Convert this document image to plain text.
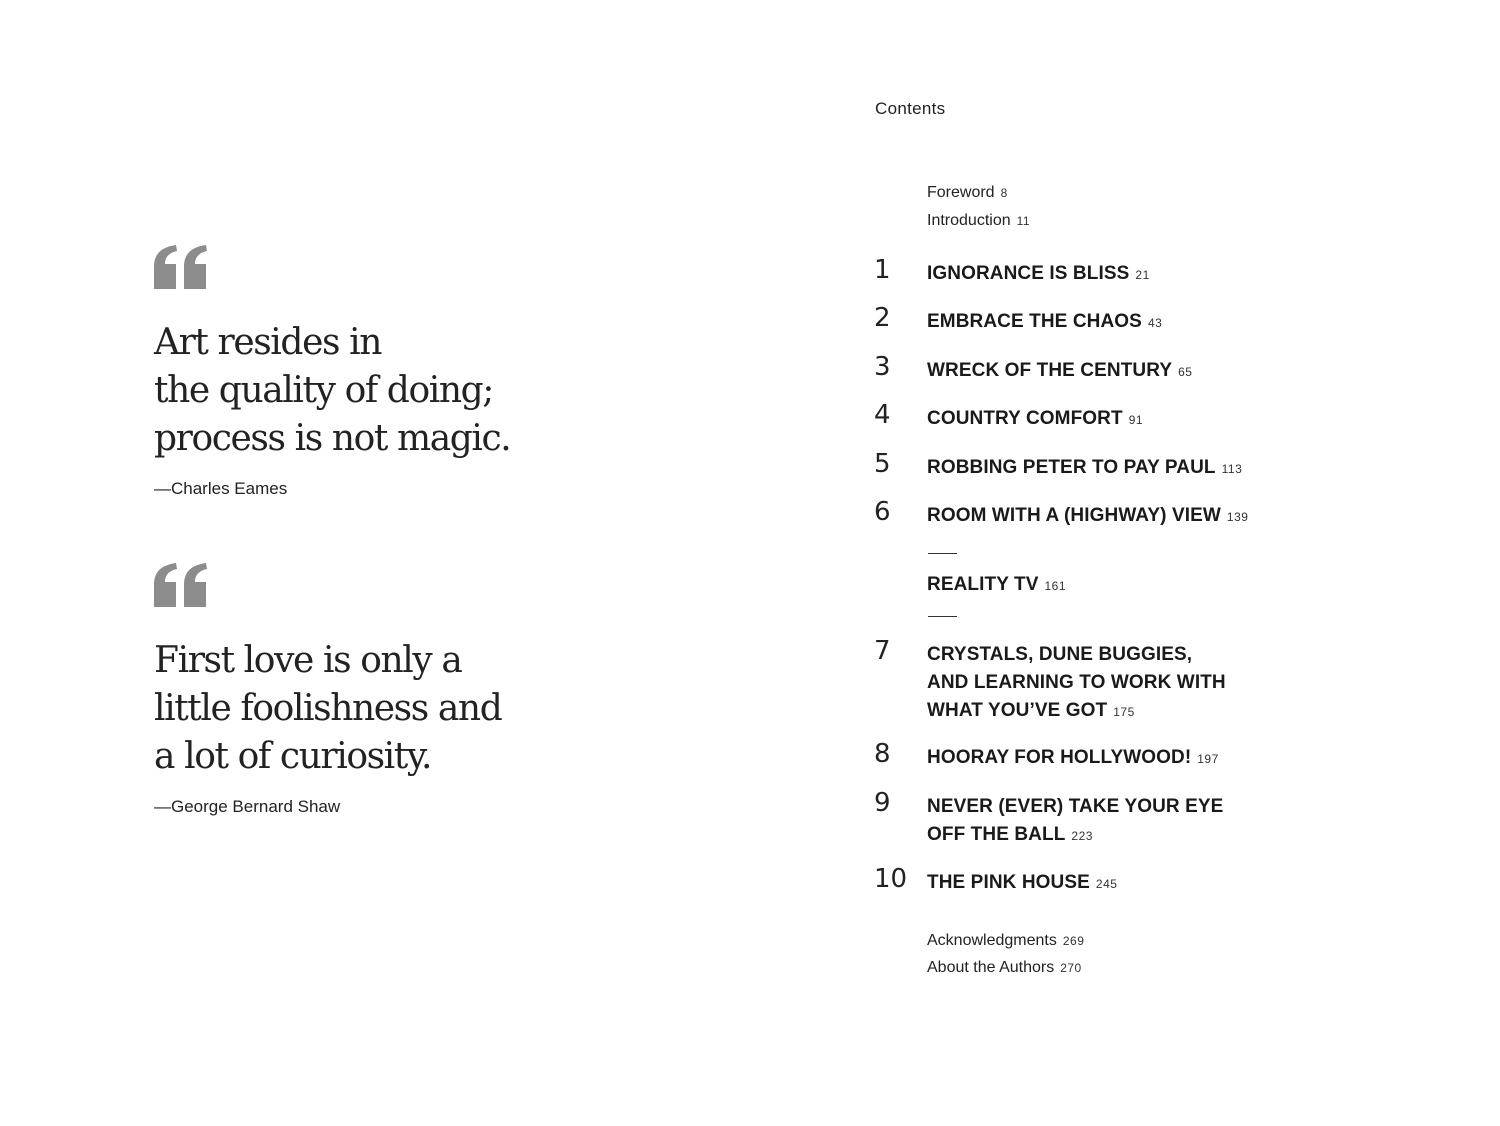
Art resides in
the quality of doing;
process is not magic.
—Charles Eames
First love is only a
little foolishness and
a lot of curiosity.
—George Bernard Shaw
Contents
Foreword 8
Introduction 11
1	IGNORANCE IS BLISS 21
2	EMBRACE THE CHAOS 43
3	WRECK OF THE CENTURY 65
4	COUNTRY COMFORT 91
5	ROBBING PETER TO PAY PAUL 113
6	ROOM WITH A (HIGHWAY) VIEW 139
REALITY TV 161
7	CRYSTALS, DUNE BUGGIES,
AND LEARNING TO WORK WITH
WHAT YOU’VE GOT 175
8	HOORAY FOR HOLLYWOOD! 197
9	NEVER (EVER) TAKE YOUR EYE
OFF THE BALL 223
10	THE PINK HOUSE 245
Acknowledgments 269
About the Authors 270
